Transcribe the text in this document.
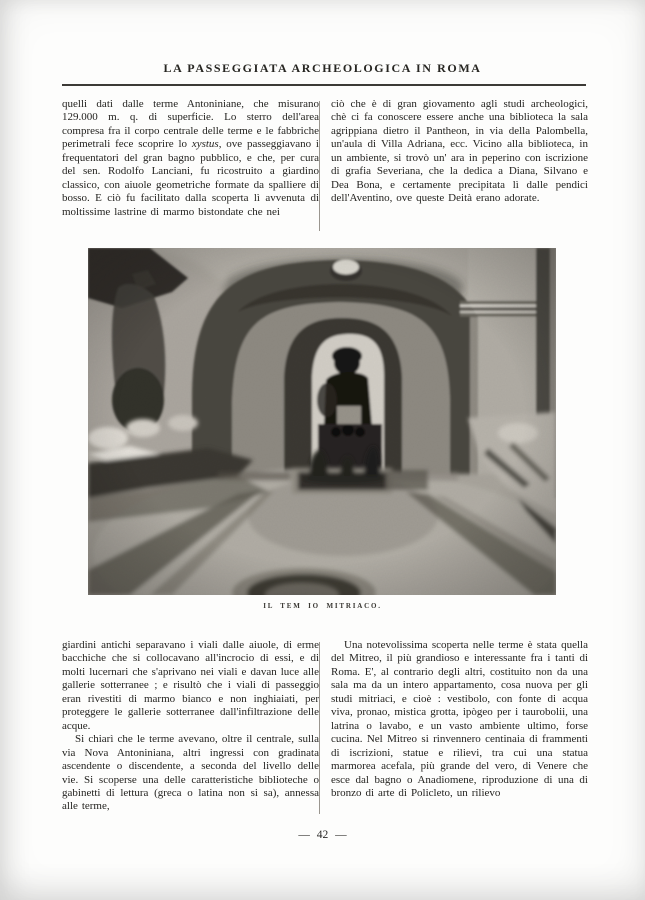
LA PASSEGGIATA ARCHEOLOGICA IN ROMA

quelli dati dalle terme Antoniniane, che misurano 129.000 m. q. di superficie. Lo sterro dell'area compresa fra il corpo centrale delle terme e le fabbriche perimetrali fece scoprire lo xystus, ove passeggiavano i frequentatori del gran bagno pubblico, e che, per cura del sen. Rodolfo Lanciani, fu ricostruito a giardino classico, con aiuole geometriche formate da spalliere di bosso. E ciò fu facilitato dalla scoperta lì avvenuta di moltissime lastrine di marmo bistondate che nei

ciò che è di gran giovamento agli studi archeologici, chè ci fa conoscere essere anche una biblioteca la sala agrippiana dietro il Pantheon, in via della Palombella, un'aula di Villa Adriana, ecc. Vicino alla biblioteca, in un ambiente, si trovò un' ara in peperino con iscrizione di grafia Severiana, che la dedica a Diana, Silvano e Dea Bona, e certamente precipitata lì dalle pendici dell'Aventino, ove queste Deità erano adorate.

IL TEM IO MITRIACO.

giardini antichi separavano i viali dalle aiuole, di erme bacchiche che si collocavano all'incrocio di essi, e di molti lucernari che s'aprivano nei viali e davan luce alle gallerie sotterranee ; e risultò che i viali di passeggio eran rivestiti di marmo bianco e non inghiaiati, per proteggere le gallerie sotterranee dall'infiltrazione delle acque.

Si chiarì che le terme avevano, oltre il centrale, sulla via Nova Antoniniana, altri ingressi con gradinata ascendente o discendente, a seconda del livello delle vie. Si scoperse una delle caratteristiche biblioteche o gabinetti di lettura (greca o latina non si sa), annessa alle terme,

Una notevolissima scoperta nelle terme è stata quella del Mitreo, il più grandioso e interessante fra i tanti di Roma. E', al contrario degli altri, costituito non da una sala ma da un intero appartamento, cosa nuova per gli studi mitriaci, e cioè : vestibolo, con fonte di acqua viva, pronao, mistica grotta, ipògeo per i taurobolii, una latrina o lavabo, e un vasto ambiente ultimo, forse cucina. Nel Mitreo si rinvennero centinaia di frammenti di iscrizioni, statue e rilievi, tra cui una statua marmorea acefala, più grande del vero, di Venere che esce dal bagno o Anadiomene, riproduzione di una di bronzo di arte di Policleto, un rilievo

— 42 —
